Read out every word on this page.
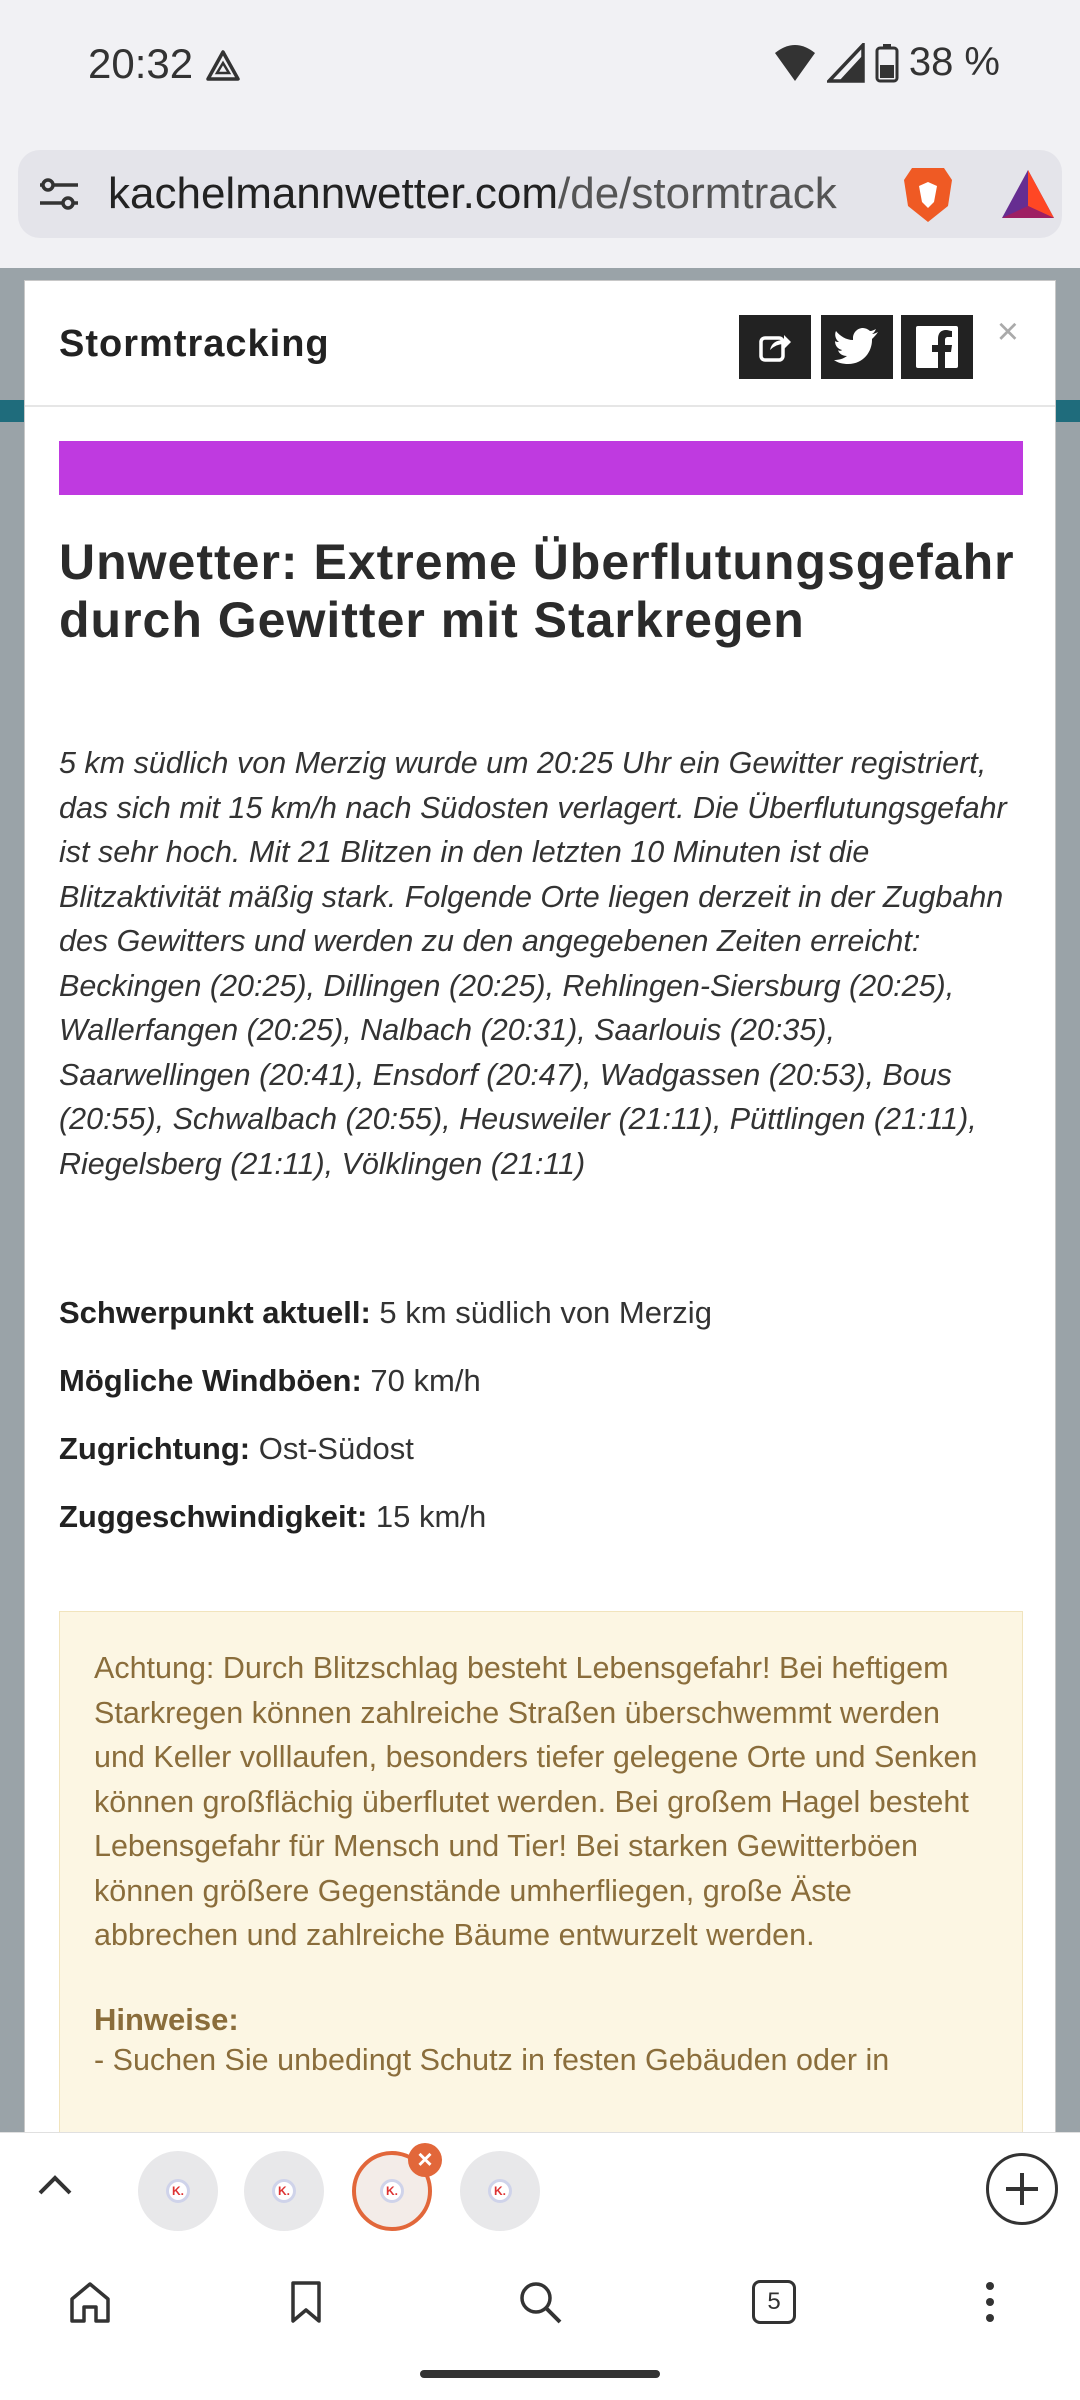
20:32	38 %
kachelmannwetter.com/de/stormtrack
Stormtracking	×
Unwetter: Extreme Überflutungsgefahr durch Gewitter mit Starkregen
5 km südlich von Merzig wurde um 20:25 Uhr ein Gewitter registriert, das sich mit 15 km/h nach Südosten verlagert. Die Überflutungsgefahr ist sehr hoch. Mit 21 Blitzen in den letzten 10 Minuten ist die Blitzaktivität mäßig stark. Folgende Orte liegen derzeit in der Zugbahn des Gewitters und werden zu den angegebenen Zeiten erreicht: Beckingen (20:25), Dillingen (20:25), Rehlingen-Siersburg (20:25), Wallerfangen (20:25), Nalbach (20:31), Saarlouis (20:35), Saarwellingen (20:41), Ensdorf (20:47), Wadgassen (20:53), Bous (20:55), Schwalbach (20:55), Heusweiler (21:11), Püttlingen (21:11), Riegelsberg (21:11), Völklingen (21:11)
Schwerpunkt aktuell: 5 km südlich von Merzig
Mögliche Windböen: 70 km/h
Zugrichtung: Ost-Südost
Zuggeschwindigkeit: 15 km/h
Achtung: Durch Blitzschlag besteht Lebensgefahr! Bei heftigem Starkregen können zahlreiche Straßen überschwemmt werden und Keller volllaufen, besonders tiefer gelegene Orte und Senken können großflächig überflutet werden. Bei großem Hagel besteht Lebensgefahr für Mensch und Tier! Bei starken Gewitterböen können größere Gegenstände umherfliegen, große Äste abbrechen und zahlreiche Bäume entwurzelt werden.
Hinweise:
- Suchen Sie unbedingt Schutz in festen Gebäuden oder in
K.	K.	K.
×
K.
5
